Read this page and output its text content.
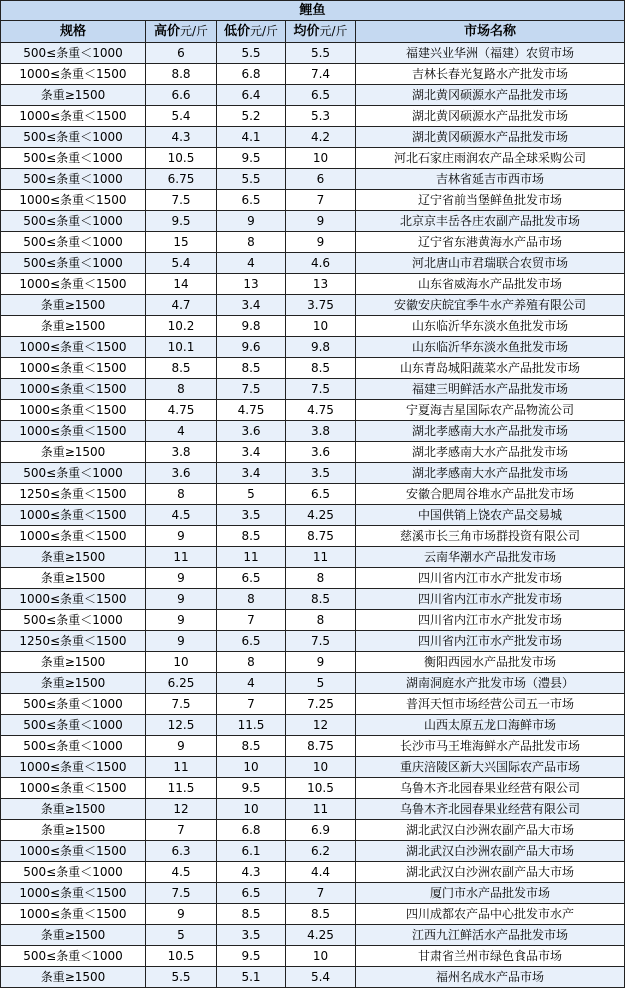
鲤鱼				
规格	高价元/斤	低价元/斤	均价元/斤	市场名称
500≤条重＜1000	6	5.5	5.5	福建兴业华洲（福建）农贸市场
1000≤条重＜1500	8.8	6.8	7.4	吉林长春光复路水产批发市场
条重≥1500	6.6	6.4	6.5	湖北黄冈硕源水产品批发市场
1000≤条重＜1500	5.4	5.2	5.3	湖北黄冈硕源水产品批发市场
500≤条重＜1000	4.3	4.1	4.2	湖北黄冈硕源水产品批发市场
500≤条重＜1000	10.5	9.5	10	河北石家庄雨润农产品全球采购公司
500≤条重＜1000	6.75	5.5	6	吉林省延吉市西市场
1000≤条重＜1500	7.5	6.5	7	辽宁省前当堡鲜鱼批发市场
500≤条重＜1000	9.5	9	9	北京京丰岳各庄农副产品批发市场
500≤条重＜1000	15	8	9	辽宁省东港黄海水产品市场
500≤条重＜1000	5.4	4	4.6	河北唐山市君瑞联合农贸市场
1000≤条重＜1500	14	13	13	山东省威海水产品批发市场
条重≥1500	4.7	3.4	3.75	安徽安庆皖宜季牛水产养殖有限公司
条重≥1500	10.2	9.8	10	山东临沂华东淡水鱼批发市场
1000≤条重＜1500	10.1	9.6	9.8	山东临沂华东淡水鱼批发市场
1000≤条重＜1500	8.5	8.5	8.5	山东青岛城阳蔬菜水产品批发市场
1000≤条重＜1500	8	7.5	7.5	福建三明鲜活水产品批发市场
1000≤条重＜1500	4.75	4.75	4.75	宁夏海吉星国际农产品物流公司
1000≤条重＜1500	4	3.6	3.8	湖北孝感南大水产品批发市场
条重≥1500	3.8	3.4	3.6	湖北孝感南大水产品批发市场
500≤条重＜1000	3.6	3.4	3.5	湖北孝感南大水产品批发市场
1250≤条重＜1500	8	5	6.5	安徽合肥周谷堆水产品批发市场
1000≤条重＜1500	4.5	3.5	4.25	中国供销上饶农产品交易城
1000≤条重＜1500	9	8.5	8.75	慈溪市长三角市场群投资有限公司
条重≥1500	11	11	11	云南华潮水产品批发市场
条重≥1500	9	6.5	8	四川省内江市水产批发市场
1000≤条重＜1500	9	8	8.5	四川省内江市水产批发市场
500≤条重＜1000	9	7	8	四川省内江市水产批发市场
1250≤条重＜1500	9	6.5	7.5	四川省内江市水产批发市场
条重≥1500	10	8	9	衡阳西园水产品批发市场
条重≥1500	6.25	4	5	湖南洞庭水产批发市场（澧县）
500≤条重＜1000	7.5	7	7.25	普洱天恒市场经营公司五一市场
500≤条重＜1000	12.5	11.5	12	山西太原五龙口海鲜市场
500≤条重＜1000	9	8.5	8.75	长沙市马王堆海鲜水产品批发市场
1000≤条重＜1500	11	10	10	重庆涪陵区新大兴国际农产品市场
1000≤条重＜1500	11.5	9.5	10.5	乌鲁木齐北园春果业经营有限公司
条重≥1500	12	10	11	乌鲁木齐北园春果业经营有限公司
条重≥1500	7	6.8	6.9	湖北武汉白沙洲农副产品大市场
1000≤条重＜1500	6.3	6.1	6.2	湖北武汉白沙洲农副产品大市场
500≤条重＜1000	4.5	4.3	4.4	湖北武汉白沙洲农副产品大市场
1000≤条重＜1500	7.5	6.5	7	厦门市水产品批发市场
1000≤条重＜1500	9	8.5	8.5	四川成都农产品中心批发市水产
条重≥1500	5	3.5	4.25	江西九江鲜活水产品批发市场
500≤条重＜1000	10.5	9.5	10	甘肃省兰州市绿色食品市场
条重≥1500	5.5	5.1	5.4	福州名成水产品市场
